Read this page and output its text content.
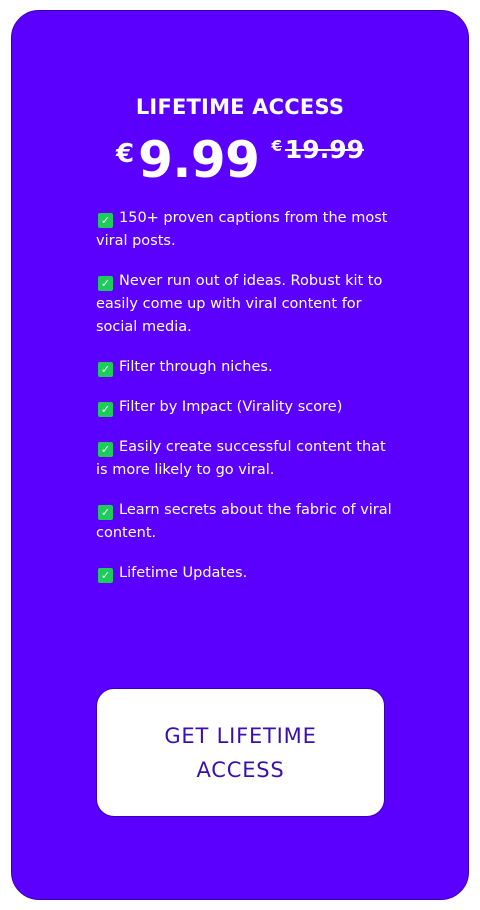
LIFETIME ACCESS
€ 9.99 € 19.99
✓ 150+ proven captions from the most viral posts.
✓ Never run out of ideas. Robust kit to easily come up with viral content for social media.
✓ Filter through niches.
✓ Filter by Impact (Virality score)
✓ Easily create successful content that is more likely to go viral.
✓ Learn secrets about the fabric of viral content.
✓ Lifetime Updates.
GET LIFETIME ACCESS
